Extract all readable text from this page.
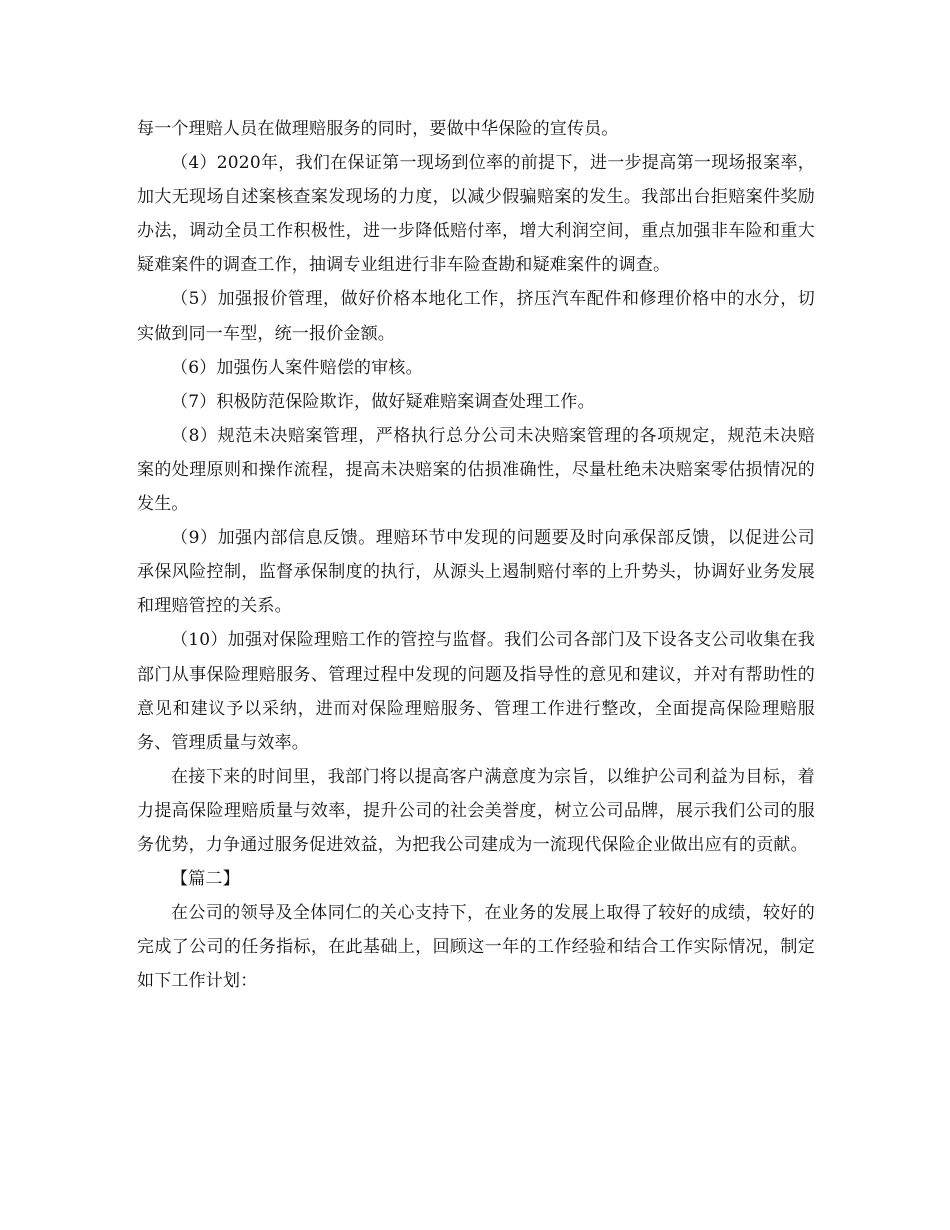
每一个理赔人员在做理赔服务的同时，要做中华保险的宣传员。

（4）2020年，我们在保证第一现场到位率的前提下，进一步提高第一现场报案率，加大无现场自述案核查案发现场的力度，以减少假骗赔案的发生。我部出台拒赔案件奖励办法，调动全员工作积极性，进一步降低赔付率，增大利润空间，重点加强非车险和重大疑难案件的调查工作，抽调专业组进行非车险查勘和疑难案件的调查。

（5）加强报价管理，做好价格本地化工作，挤压汽车配件和修理价格中的水分，切实做到同一车型，统一报价金额。

（6）加强伤人案件赔偿的审核。

（7）积极防范保险欺诈，做好疑难赔案调查处理工作。

（8）规范未决赔案管理，严格执行总分公司未决赔案管理的各项规定，规范未决赔案的处理原则和操作流程，提高未决赔案的估损准确性，尽量杜绝未决赔案零估损情况的发生。

（9）加强内部信息反馈。理赔环节中发现的问题要及时向承保部反馈，以促进公司承保风险控制，监督承保制度的执行，从源头上遏制赔付率的上升势头，协调好业务发展和理赔管控的关系。

（10）加强对保险理赔工作的管控与监督。我们公司各部门及下设各支公司收集在我部门从事保险理赔服务、管理过程中发现的问题及指导性的意见和建议，并对有帮助性的意见和建议予以采纳，进而对保险理赔服务、管理工作进行整改，全面提高保险理赔服务、管理质量与效率。

在接下来的时间里，我部门将以提高客户满意度为宗旨，以维护公司利益为目标，着力提高保险理赔质量与效率，提升公司的社会美誉度，树立公司品牌，展示我们公司的服务优势，力争通过服务促进效益，为把我公司建成为一流现代保险企业做出应有的贡献。

【篇二】

在公司的领导及全体同仁的关心支持下，在业务的发展上取得了较好的成绩，较好的完成了公司的任务指标，在此基础上，回顾这一年的工作经验和结合工作实际情况，制定如下工作计划：
